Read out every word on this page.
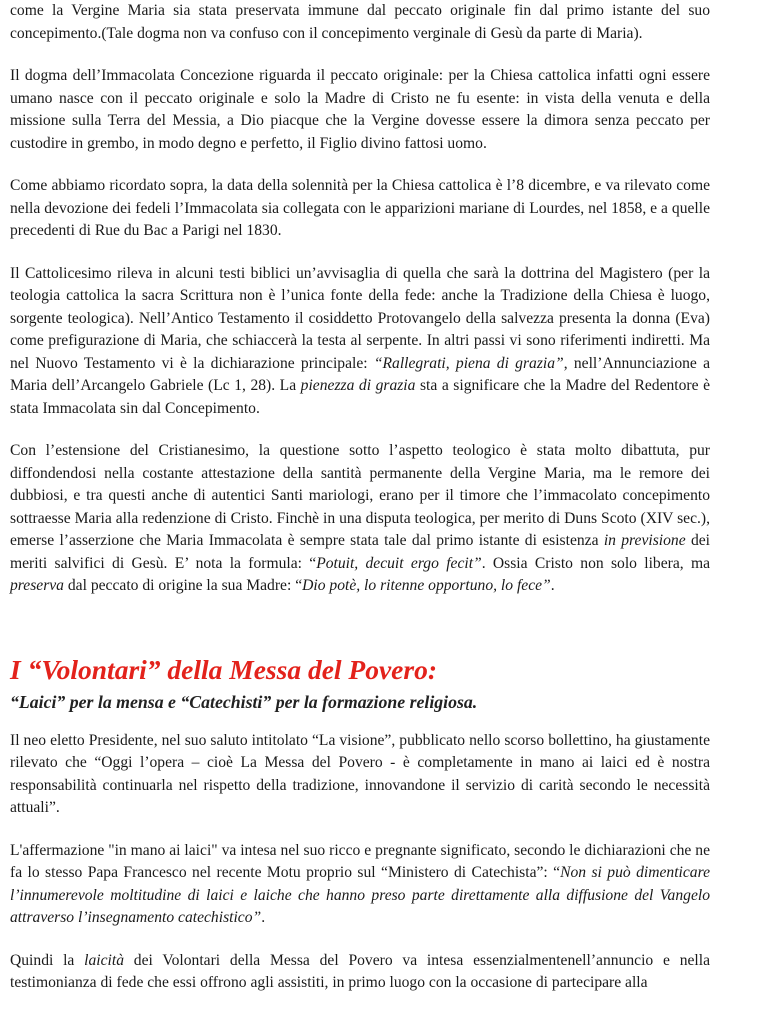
come la Vergine Maria sia stata preservata immune dal peccato originale fin dal primo istante del suo concepimento.(Tale dogma non va confuso con il concepimento verginale di Gesù da parte di Maria).

Il dogma dell’Immacolata Concezione riguarda il peccato originale: per la Chiesa cattolica infatti ogni essere umano nasce con il peccato originale e solo la Madre di Cristo ne fu esente: in vista della venuta e della missione sulla Terra del Messia, a Dio piacque che la Vergine dovesse essere la dimora senza peccato per custodire in grembo, in modo degno e perfetto, il Figlio divino fattosi uomo.

Come abbiamo ricordato sopra, la data della solennità per la Chiesa cattolica è l’8 dicembre, e va rilevato come nella devozione dei fedeli l’Immacolata sia collegata con le apparizioni mariane di Lourdes, nel 1858, e a quelle precedenti di Rue du Bac a Parigi nel 1830.

Il Cattolicesimo rileva in alcuni testi biblici un’avvisaglia di quella che sarà la dottrina del Magistero (per la teologia cattolica la sacra Scrittura non è l’unica fonte della fede: anche la Tradizione della Chiesa è luogo, sorgente teologica). Nell’Antico Testamento il cosiddetto Protovangelo della salvezza presenta la donna (Eva) come prefigurazione di Maria, che schiaccerà la testa al serpente. In altri passi vi sono riferimenti indiretti. Ma nel Nuovo Testamento vi è la dichiarazione principale: “Rallegrati, piena di grazia”, nell’Annunciazione a Maria dell’Arcangelo Gabriele (Lc 1, 28). La pienezza di grazia sta a significare che la Madre del Redentore è stata Immacolata sin dal Concepimento.

Con l’estensione del Cristianesimo, la questione sotto l’aspetto teologico è stata molto dibattuta, pur diffondendosi nella costante attestazione della santità permanente della Vergine Maria, ma le remore dei dubbiosi, e tra questi anche di autentici Santi mariologi, erano per il timore che l’immacolato concepimento sottraesse Maria alla redenzione di Cristo. Finchè in una disputa teologica, per merito di Duns Scoto (XIV sec.), emerse l’asserzione che Maria Immacolata è sempre stata tale dal primo istante di esistenza in previsione dei meriti salvifici di Gesù. E’ nota la formula: “Potuit, decuit ergo fecit”. Ossia Cristo non solo libera, ma preserva dal peccato di origine la sua Madre: “Dio potè, lo ritenne opportuno, lo fece”.

I “Volontari” della Messa del Povero:
“Laici” per la mensa e “Catechisti” per la formazione religiosa.

Il neo eletto Presidente, nel suo saluto intitolato “La visione”, pubblicato nello scorso bollettino, ha giustamente rilevato che “Oggi l’opera – cioè La Messa del Povero - è completamente in mano ai laici ed è nostra responsabilità continuarla nel rispetto della tradizione, innovandone il servizio di carità secondo le necessità attuali”.

L'affermazione "in mano ai laici" va intesa nel suo ricco e pregnante significato, secondo le dichiarazioni che ne fa lo stesso Papa Francesco nel recente Motu proprio sul “Ministero di Catechista”: “Non si può dimenticare l’innumerevole moltitudine di laici e laiche che hanno preso parte direttamente alla diffusione del Vangelo attraverso l’insegnamento catechistico”.

Quindi la laicità dei Volontari della Messa del Povero va intesa essenzialmentenell’annuncio e nella testimonianza di fede che essi offrono agli assistiti, in primo luogo con la occasione di partecipare alla
